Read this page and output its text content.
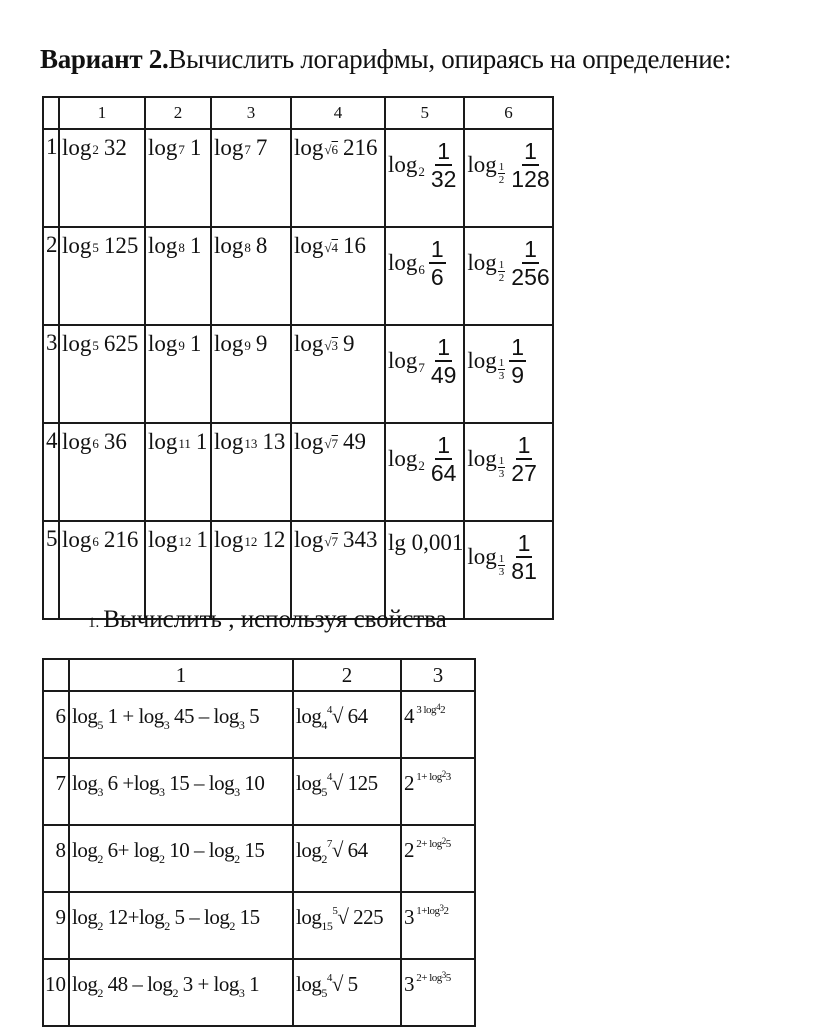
Вариант 2.Вычислить логарифмы, опираясь на определение:
	1	2	3	4	5	6
1	log 2 32	log 7 1	log 7 7	log √6 216	$\log 2 \frac{1}{32}$	$\log \frac{1}{2} \frac{1}{128}$

2	log 5 125	log 8 1	log 8 8	log √4 16	$\log 6 \frac{1}{6}$	$\log \frac{1}{2} \frac{1}{256}$

3	log 5 625	log 9 1	log 9 9	log √3 9	$\log 7 \frac{1}{49}$	$\log \frac{1}{3} \frac{1}{9}$

4	log 6 36	log 11 1	log 13 13	log √7 49	$\log 2 \frac{1}{64}$	$\log \frac{1}{3} \frac{1}{27}$

5	log 6 216	log 12 1	log 12 12	log √7 343	lg 0,001	$\log \frac{1}{3} \frac{1}{81}$
1. Вычислить , используя свойства
	1	2	3
6	$\log_5 1 + \log_3 45 - \log_3 5$	$\log_4^4√$ 64	4 $^{3 log^42}$

7	$\log_3 6 +\log_3$ $15 - \log_3 10$	$\log_5^4√$ 125	2 $^{1+ log^23}$

8	$\log_2 6+ \log_2 10 - \log_2 15$	$\log_2^7√$ 64	2 $^{2+ log^25}$

9	$\log_2 12+\log_2$ $5 - \log_2 15$	$\log_{15}^5√$ 225	3 $^{1+log^32}$

10	$\log_2 48 - \log_2 3 + \log_3 1$	$\log_5^4√$ 5	3 $^{2+ log^35}$
